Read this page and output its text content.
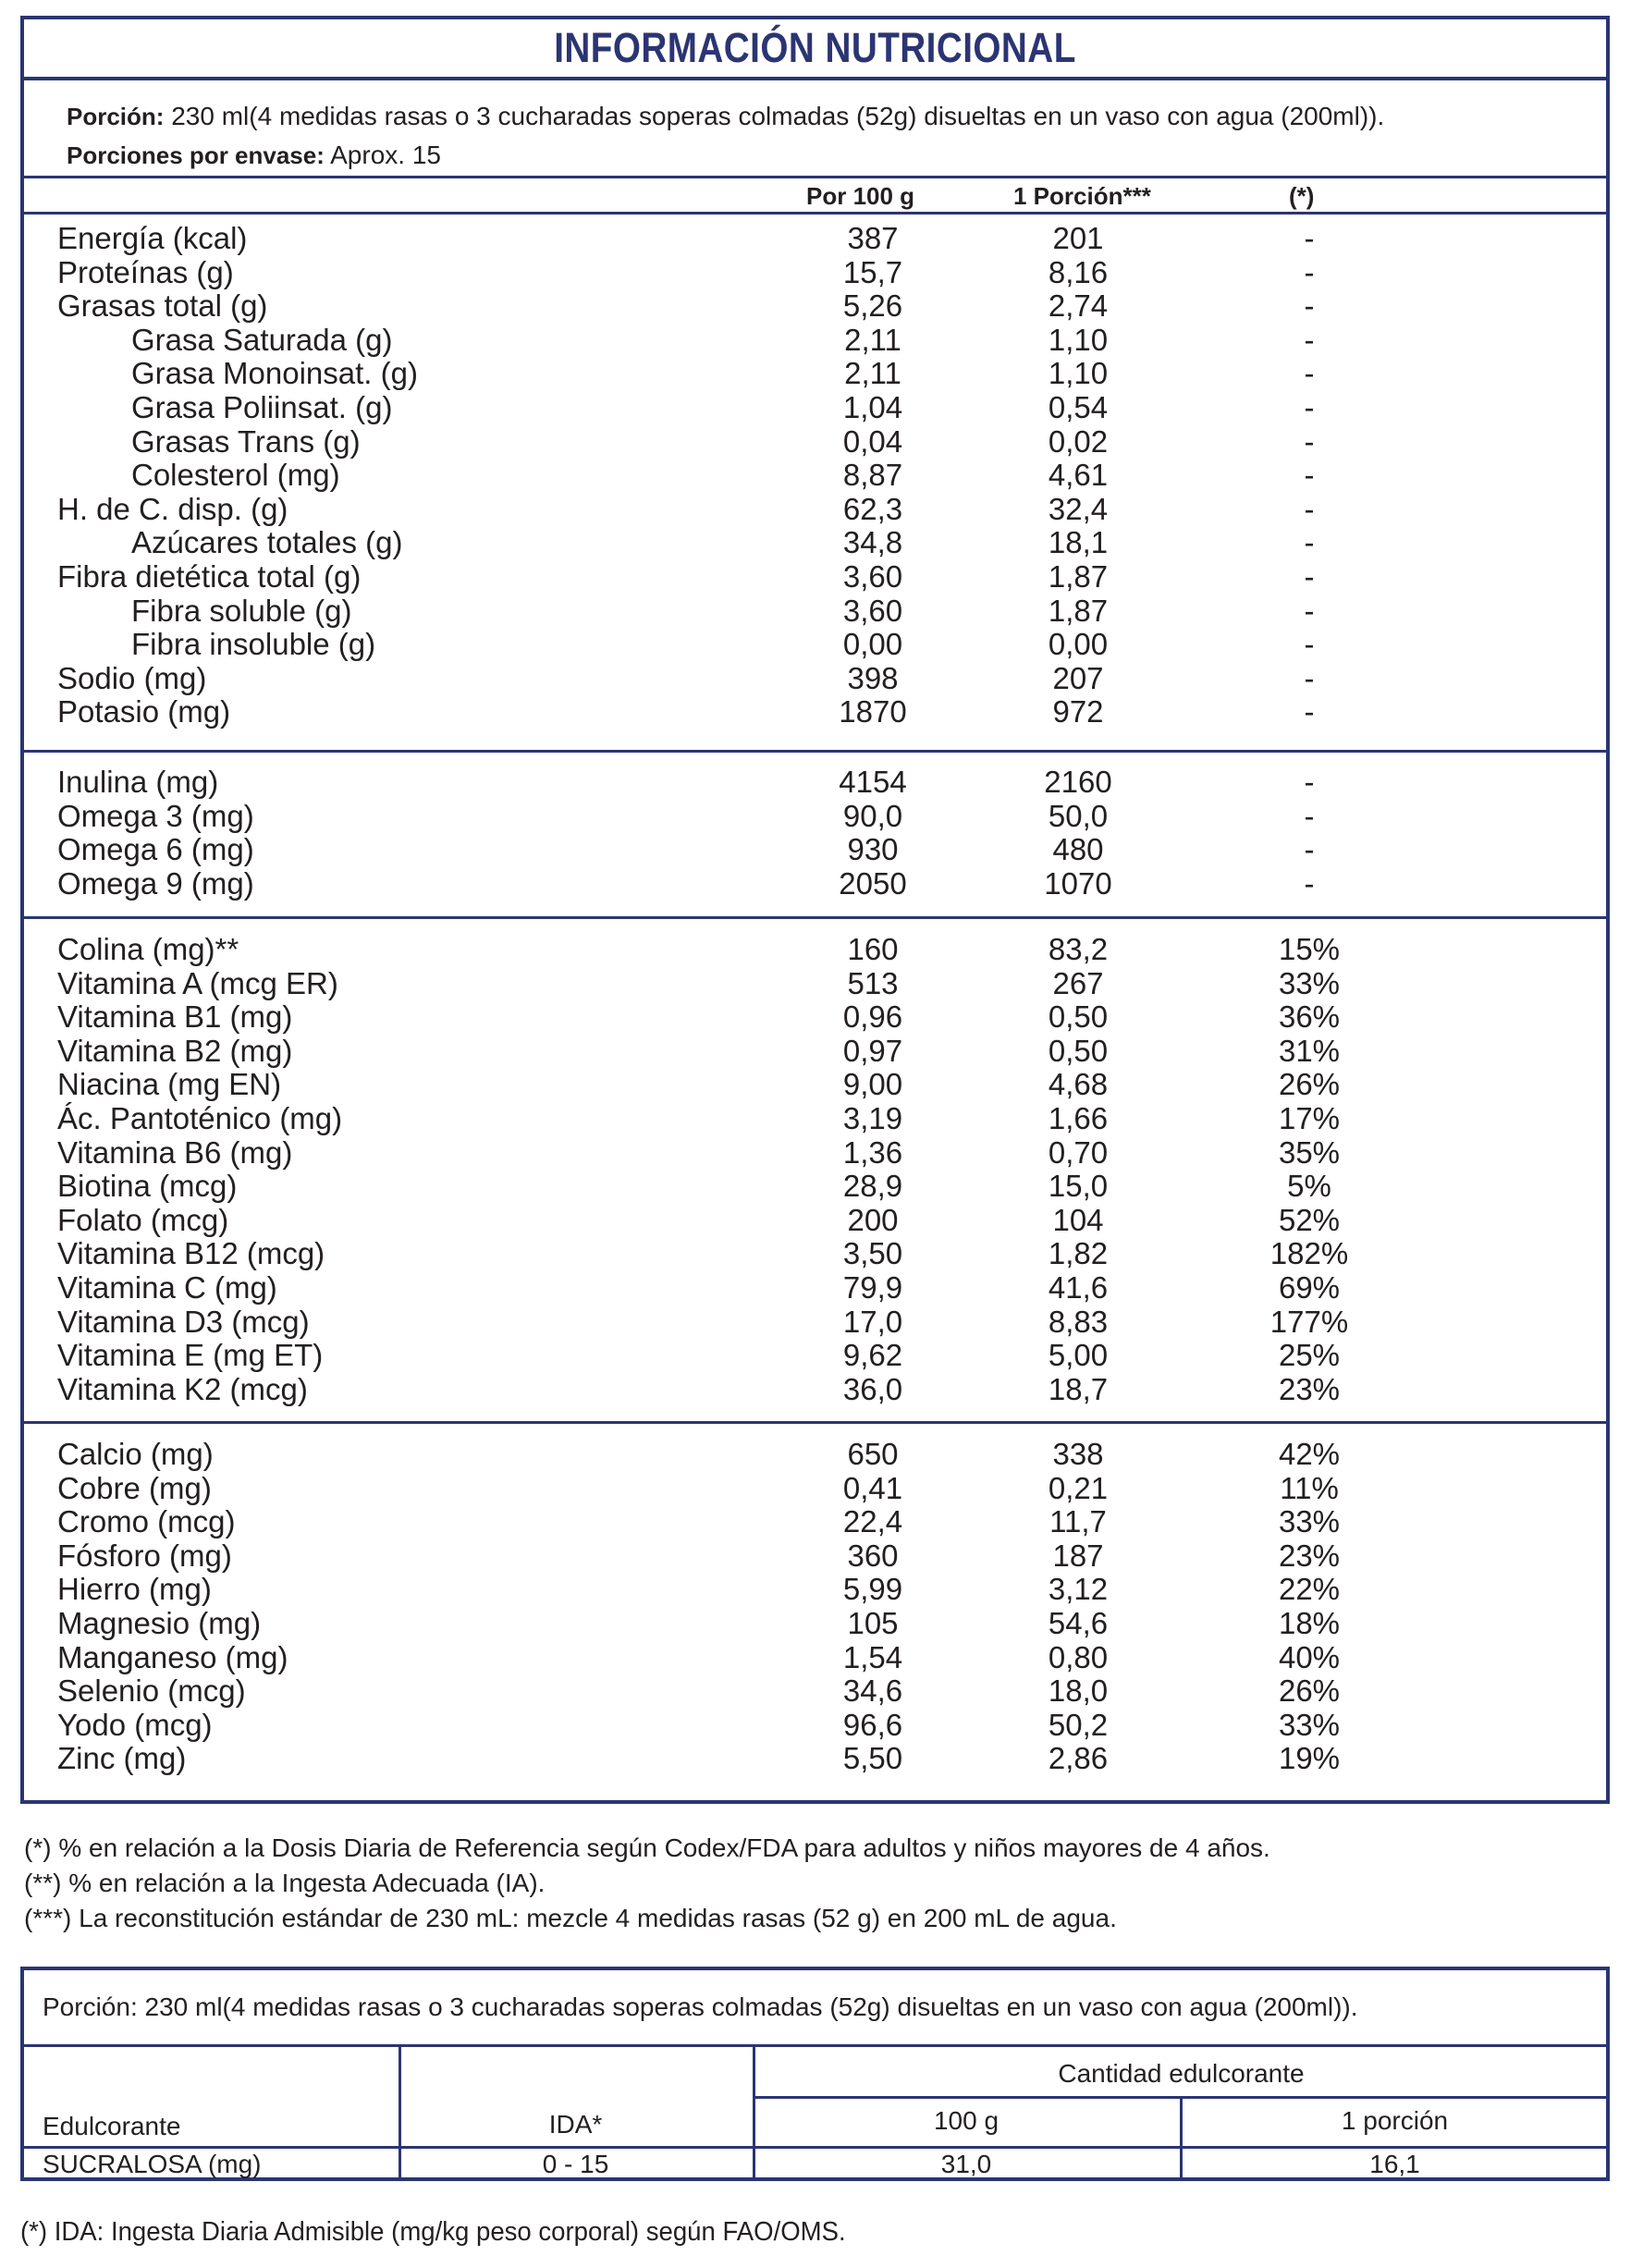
INFORMACIÓN NUTRICIONAL
Porción: 230 ml(4 medidas rasas o 3 cucharadas soperas colmadas (52g) disueltas en un vaso con agua (200ml)).
Porciones por envase: Aprox. 15
Por 100 g	1 Porción***	(*)
Energía (kcal)	387	201	-
Proteínas (g)	15,7	8,16	-
Grasas total (g)	5,26	2,74	-
Grasa Saturada (g)	2,11	1,10	-
Grasa Monoinsat. (g)	2,11	1,10	-
Grasa Poliinsat. (g)	1,04	0,54	-
Grasas Trans (g)	0,04	0,02	-
Colesterol (mg)	8,87	4,61	-
H. de C. disp. (g)	62,3	32,4	-
Azúcares totales (g)	34,8	18,1	-
Fibra dietética total (g)	3,60	1,87	-
Fibra soluble (g)	3,60	1,87	-
Fibra insoluble (g)	0,00	0,00	-
Sodio (mg)	398	207	-
Potasio (mg)	1870	972	-
Inulina (mg)	4154	2160	-
Omega 3 (mg)	90,0	50,0	-
Omega 6 (mg)	930	480	-
Omega 9 (mg)	2050	1070	-
Colina (mg)**	160	83,2	15%
Vitamina A (mcg ER)	513	267	33%
Vitamina B1 (mg)	0,96	0,50	36%
Vitamina B2 (mg)	0,97	0,50	31%
Niacina (mg EN)	9,00	4,68	26%
Ác. Pantoténico (mg)	3,19	1,66	17%
Vitamina B6 (mg)	1,36	0,70	35%
Biotina (mcg)	28,9	15,0	5%
Folato (mcg)	200	104	52%
Vitamina B12 (mcg)	3,50	1,82	182%
Vitamina C (mg)	79,9	41,6	69%
Vitamina D3 (mcg)	17,0	8,83	177%
Vitamina E (mg ET)	9,62	5,00	25%
Vitamina K2 (mcg)	36,0	18,7	23%
Calcio (mg)	650	338	42%
Cobre (mg)	0,41	0,21	11%
Cromo (mcg)	22,4	11,7	33%
Fósforo (mg)	360	187	23%
Hierro (mg)	5,99	3,12	22%
Magnesio (mg)	105	54,6	18%
Manganeso (mg)	1,54	0,80	40%
Selenio (mcg)	34,6	18,0	26%
Yodo (mcg)	96,6	50,2	33%
Zinc (mg)	5,50	2,86	19%
(*) % en relación a la Dosis Diaria de Referencia según Codex/FDA para adultos y niños mayores de 4 años.
(**) % en relación a la Ingesta Adecuada (IA).
(***) La reconstitución estándar de 230 mL: mezcle 4 medidas rasas (52 g) en 200 mL de agua.
Porción: 230 ml(4 medidas rasas o 3 cucharadas soperas colmadas (52g) disueltas en un vaso con agua (200ml)).
Cantidad edulcorante
Edulcorante	IDA*	100 g	1 porción
SUCRALOSA (mg)	0 - 15	31,0	16,1
(*) IDA: Ingesta Diaria Admisible (mg/kg peso corporal) según FAO/OMS.
